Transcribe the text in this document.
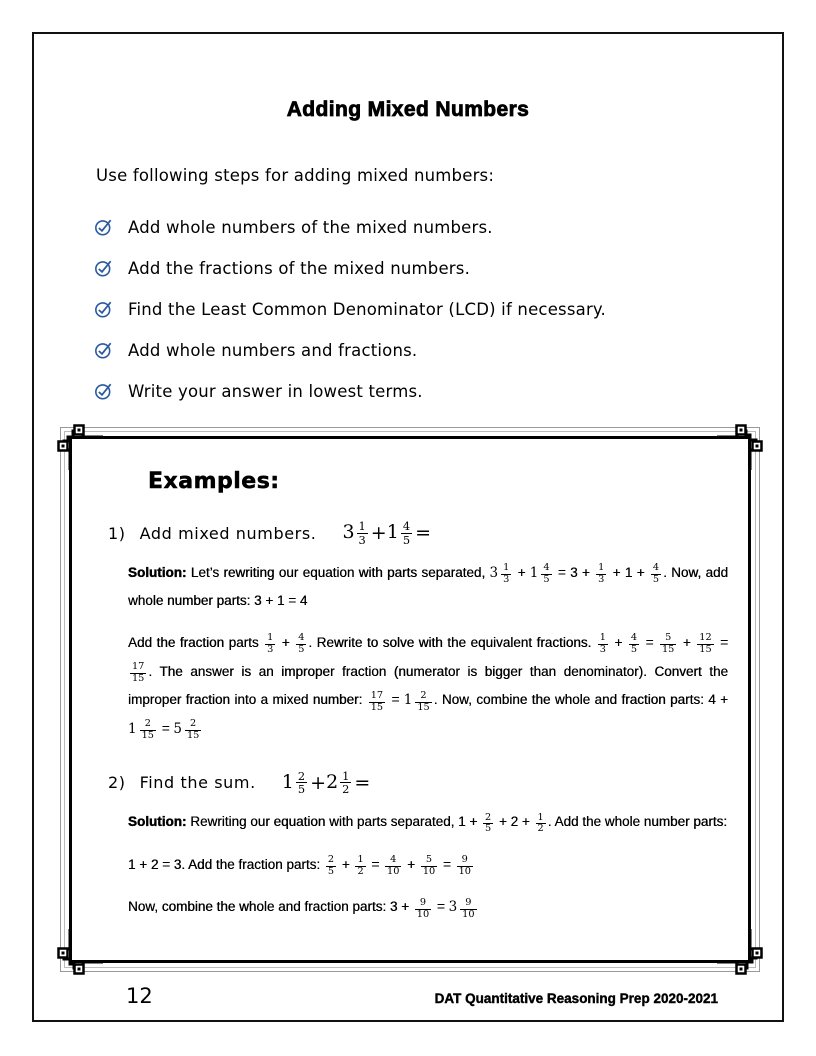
Adding Mixed Numbers

Use following steps for adding mixed numbers:

Add whole numbers of the mixed numbers.
Add the fractions of the mixed numbers.
Find the Least Common Denominator (LCD) if necessary.
Add whole numbers and fractions.
Write your answer in lowest terms.
Examples:
1) Add mixed numbers. $3 \frac{1}{3} + 1 \frac{4}{5}$ =

Solution: Let’s rewriting our equation with parts separated, $3 \frac{1}{3} + 1 \frac{4}{5} = 3 + \frac{1}{3} + 1 + \frac{4}{5}$ . Now, add whole number parts: 3 + 1 = 4

Add the fraction parts $\frac{1}{3} + \frac{4}{5}$ . Rewrite to solve with the equivalent fractions. $\frac{1}{3} + \frac{4}{5} = \frac{5}{15} + \frac{12}{15}$ =
$\frac{17}{15}$ . The answer is an improper fraction (numerator is bigger than denominator). Convert the improper fraction into a mixed number: $\frac{17}{15} = 1 \frac{2}{15}$ . Now, combine the whole and fraction parts: $4 + 1 \frac{2}{15} = 5 \frac{2}{15}$

2) Find the sum. $1 \frac{2}{5} + 2 \frac{1}{2}$ =

Solution: Rewriting our equation with parts separated, $1 + \frac{2}{5} + 2 + \frac{1}{2}$ . Add the whole number parts:

1 + 2 = 3. Add the fraction parts: $\frac{2}{5} + \frac{1}{2} = \frac{4}{10} + \frac{5}{10} = \frac{9}{10}$

Now, combine the whole and fraction parts: $3 + \frac{9}{10} = 3 \frac{9}{10}$

12	DAT Quantitative Reasoning Prep 2020-2021
